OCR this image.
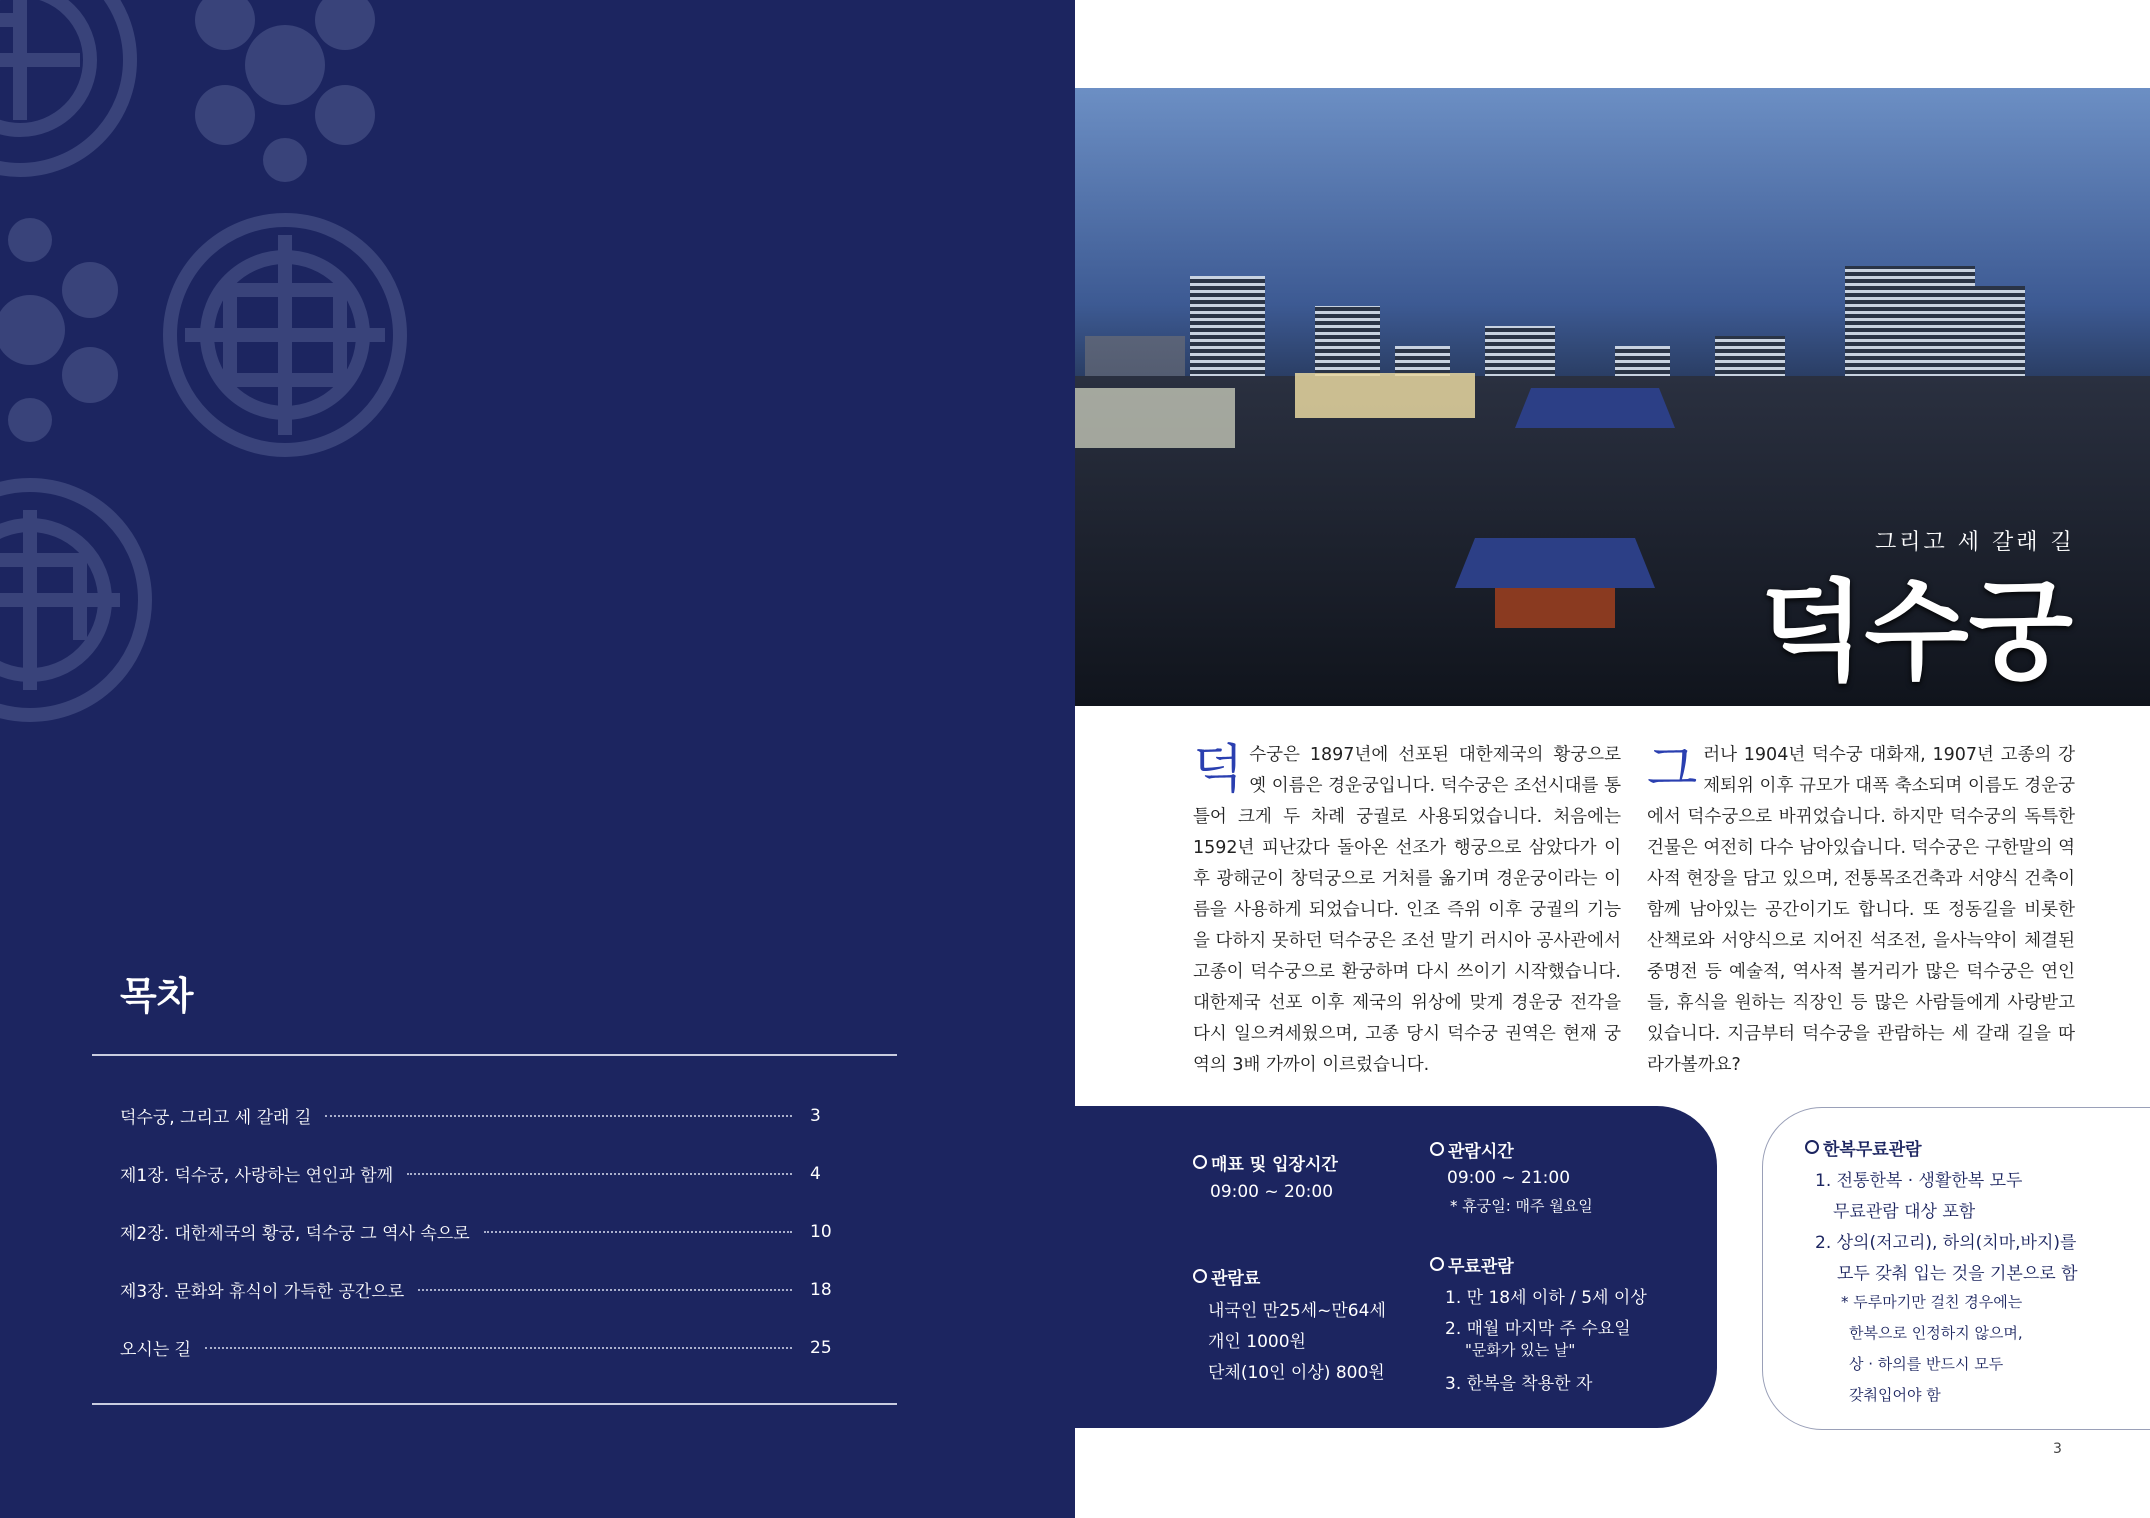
목차
덕수궁, 그리고 세 갈래 길	3
제1장. 덕수궁, 사랑하는 연인과 함께	4
제2장. 대한제국의 황궁, 덕수궁 그 역사 속으로	10
제3장. 문화와 휴식이 가득한 공간으로	18
오시는 길	25
그리고 세 갈래 길
덕수궁
덕수궁은 1897년에 선포된 대한제국의 황궁으로 옛 이름은 경운궁입니다. 덕수궁은 조선시대를 통틀어 크게 두 차례 궁궐로 사용되었습니다. 처음에는 1592년 피난갔다 돌아온 선조가 행궁으로 삼았다가 이후 광해군이 창덕궁으로 거처를 옮기며 경운궁이라는 이 름을 사용하게 되었습니다. 인조 즉위 이후 궁궐의 기능을 다하지 못하던 덕수궁은 조선 말기 러시아 공사관에서 고종이 덕수궁으로 환궁하며 다시 쓰이기 시작했습니다. 대한제국 선포 이후 제국의 위상에 맞게 경운궁 전각을 다시 일으켜세웠으며, 고종 당시 덕수궁 권역은 현재 궁역의 3배 가까이 이르렀습니다.
그러나 1904년 덕수궁 대화재, 1907년 고종의 강제퇴위 이후 규모가 대폭 축소되며 이름도 경운궁에서 덕수궁으로 바뀌었습니다. 하지만 덕수궁의 독특한 건물은 여전히 다수 남아있습니다. 덕수궁은 구한말의 역사적 현장을 담고 있으며, 전통목조건축과 서양식 건축이 함께 남아있는 공간이기도 합니다. 또 정동길을 비롯한 산책로와 서양식으로 지어진 석조전, 을사늑약이 체결된 중명전 등 예술적, 역사적 볼거리가 많은 덕수궁은 연인들, 휴식을 원하는 직장인 등 많은 사람들에게 사랑받고 있습니다. 지금부터 덕수궁을 관람하는 세 갈래 길을 따라가볼까요?
매표 및 입장시간
09:00 ~ 20:00
관람료
내국인 만25세~만64세
개인 1000원
단체(10인 이상) 800원
관람시간
09:00 ~ 21:00
* 휴궁일: 매주 월요일
무료관람
1. 만 18세 이하 / 5세 이상
2. 매월 마지막 주 수요일
"문화가 있는 날"
3. 한복을 착용한 자
한복무료관람
1. 전통한복 · 생활한복 모두
무료관람 대상 포함
2. 상의(저고리), 하의(치마,바지)를
모두 갖춰 입는 것을 기본으로 함
* 두루마기만 걸친 경우에는
한복으로 인정하지 않으며,
상 · 하의를 반드시 모두
갖춰입어야 함
3
